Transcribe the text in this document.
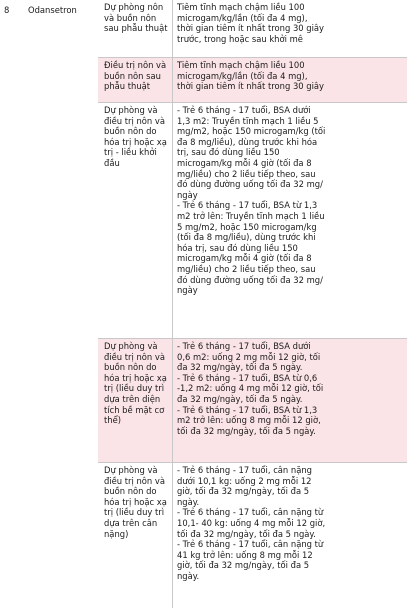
8 Odansetron	Dự phòng nôn
và buồn nôn
sau phẫu thuật
Tiêm tĩnh mạch chậm liều 100
microgam/kg/lần (tối đa 4 mg),
thời gian tiêm ít nhất trong 30 giây
trước, trong hoặc sau khởi mê
Điều trị nôn và
buồn nôn sau
phẫu thuật
Tiêm tĩnh mạch chậm liều 100
microgam/kg/lần (tối đa 4 mg),
thời gian tiêm ít nhất trong 30 giây
Dự phòng và
điều trị nôn và
buồn nôn do
hóa trị hoặc xạ
trị - liều khởi
đầu
- Trẻ 6 tháng - 17 tuổi, BSA dưới
1,3 m2: Truyền tĩnh mạch 1 liều 5
mg/m2, hoặc 150 microgam/kg (tối
đa 8 mg/liều), dùng trước khi hóa
trị, sau đó dùng liều 150
microgam/kg mỗi 4 giờ (tối đa 8
mg/liều) cho 2 liều tiếp theo, sau
đó dùng đường uống tối đa 32 mg/
ngày
- Trẻ 6 tháng - 17 tuổi, BSA từ 1,3
m2 trở lên: Truyền tĩnh mạch 1 liều
5 mg/m2, hoặc 150 microgam/kg
(tối đa 8 mg/liều), dùng trước khi
hóa trị, sau đó dùng liều 150
microgam/kg mỗi 4 giờ (tối đa 8
mg/liều) cho 2 liều tiếp theo, sau
đó dùng đường uống tối đa 32 mg/
ngày
Dự phòng và
điều trị nôn và
buồn nôn do
hóa trị hoặc xạ
trị (liều duy trì
dựa trên diện
tích bề mặt cơ
thể)
- Trẻ 6 tháng - 17 tuổi, BSA dưới
0,6 m2: uống 2 mg mỗi 12 giờ, tối
đa 32 mg/ngày, tối đa 5 ngày.
- Trẻ 6 tháng - 17 tuổi, BSA từ 0,6
-1,2 m2: uống 4 mg mỗi 12 giờ, tối
đa 32 mg/ngày, tối đa 5 ngày.
- Trẻ 6 tháng - 17 tuổi, BSA từ 1,3
m2 trở lên: uống 8 mg mỗi 12 giờ,
tối đa 32 mg/ngày, tối đa 5 ngày.
Dự phòng và
điều trị nôn và
buồn nôn do
hóa trị hoặc xạ
trị (liều duy trì
dựa trên cân
nặng)
- Trẻ 6 tháng - 17 tuổi, cân nặng
dưới 10,1 kg: uống 2 mg mỗi 12
giờ, tối đa 32 mg/ngày, tối đa 5
ngày.
- Trẻ 6 tháng - 17 tuổi, cân nặng từ
10,1- 40 kg: uống 4 mg mỗi 12 giờ,
tối đa 32 mg/ngày, tối đa 5 ngày.
- Trẻ 6 tháng - 17 tuổi, cân nặng từ
41 kg trở lên: uống 8 mg mỗi 12
giờ, tối đa 32 mg/ngày, tối đa 5
ngày.
